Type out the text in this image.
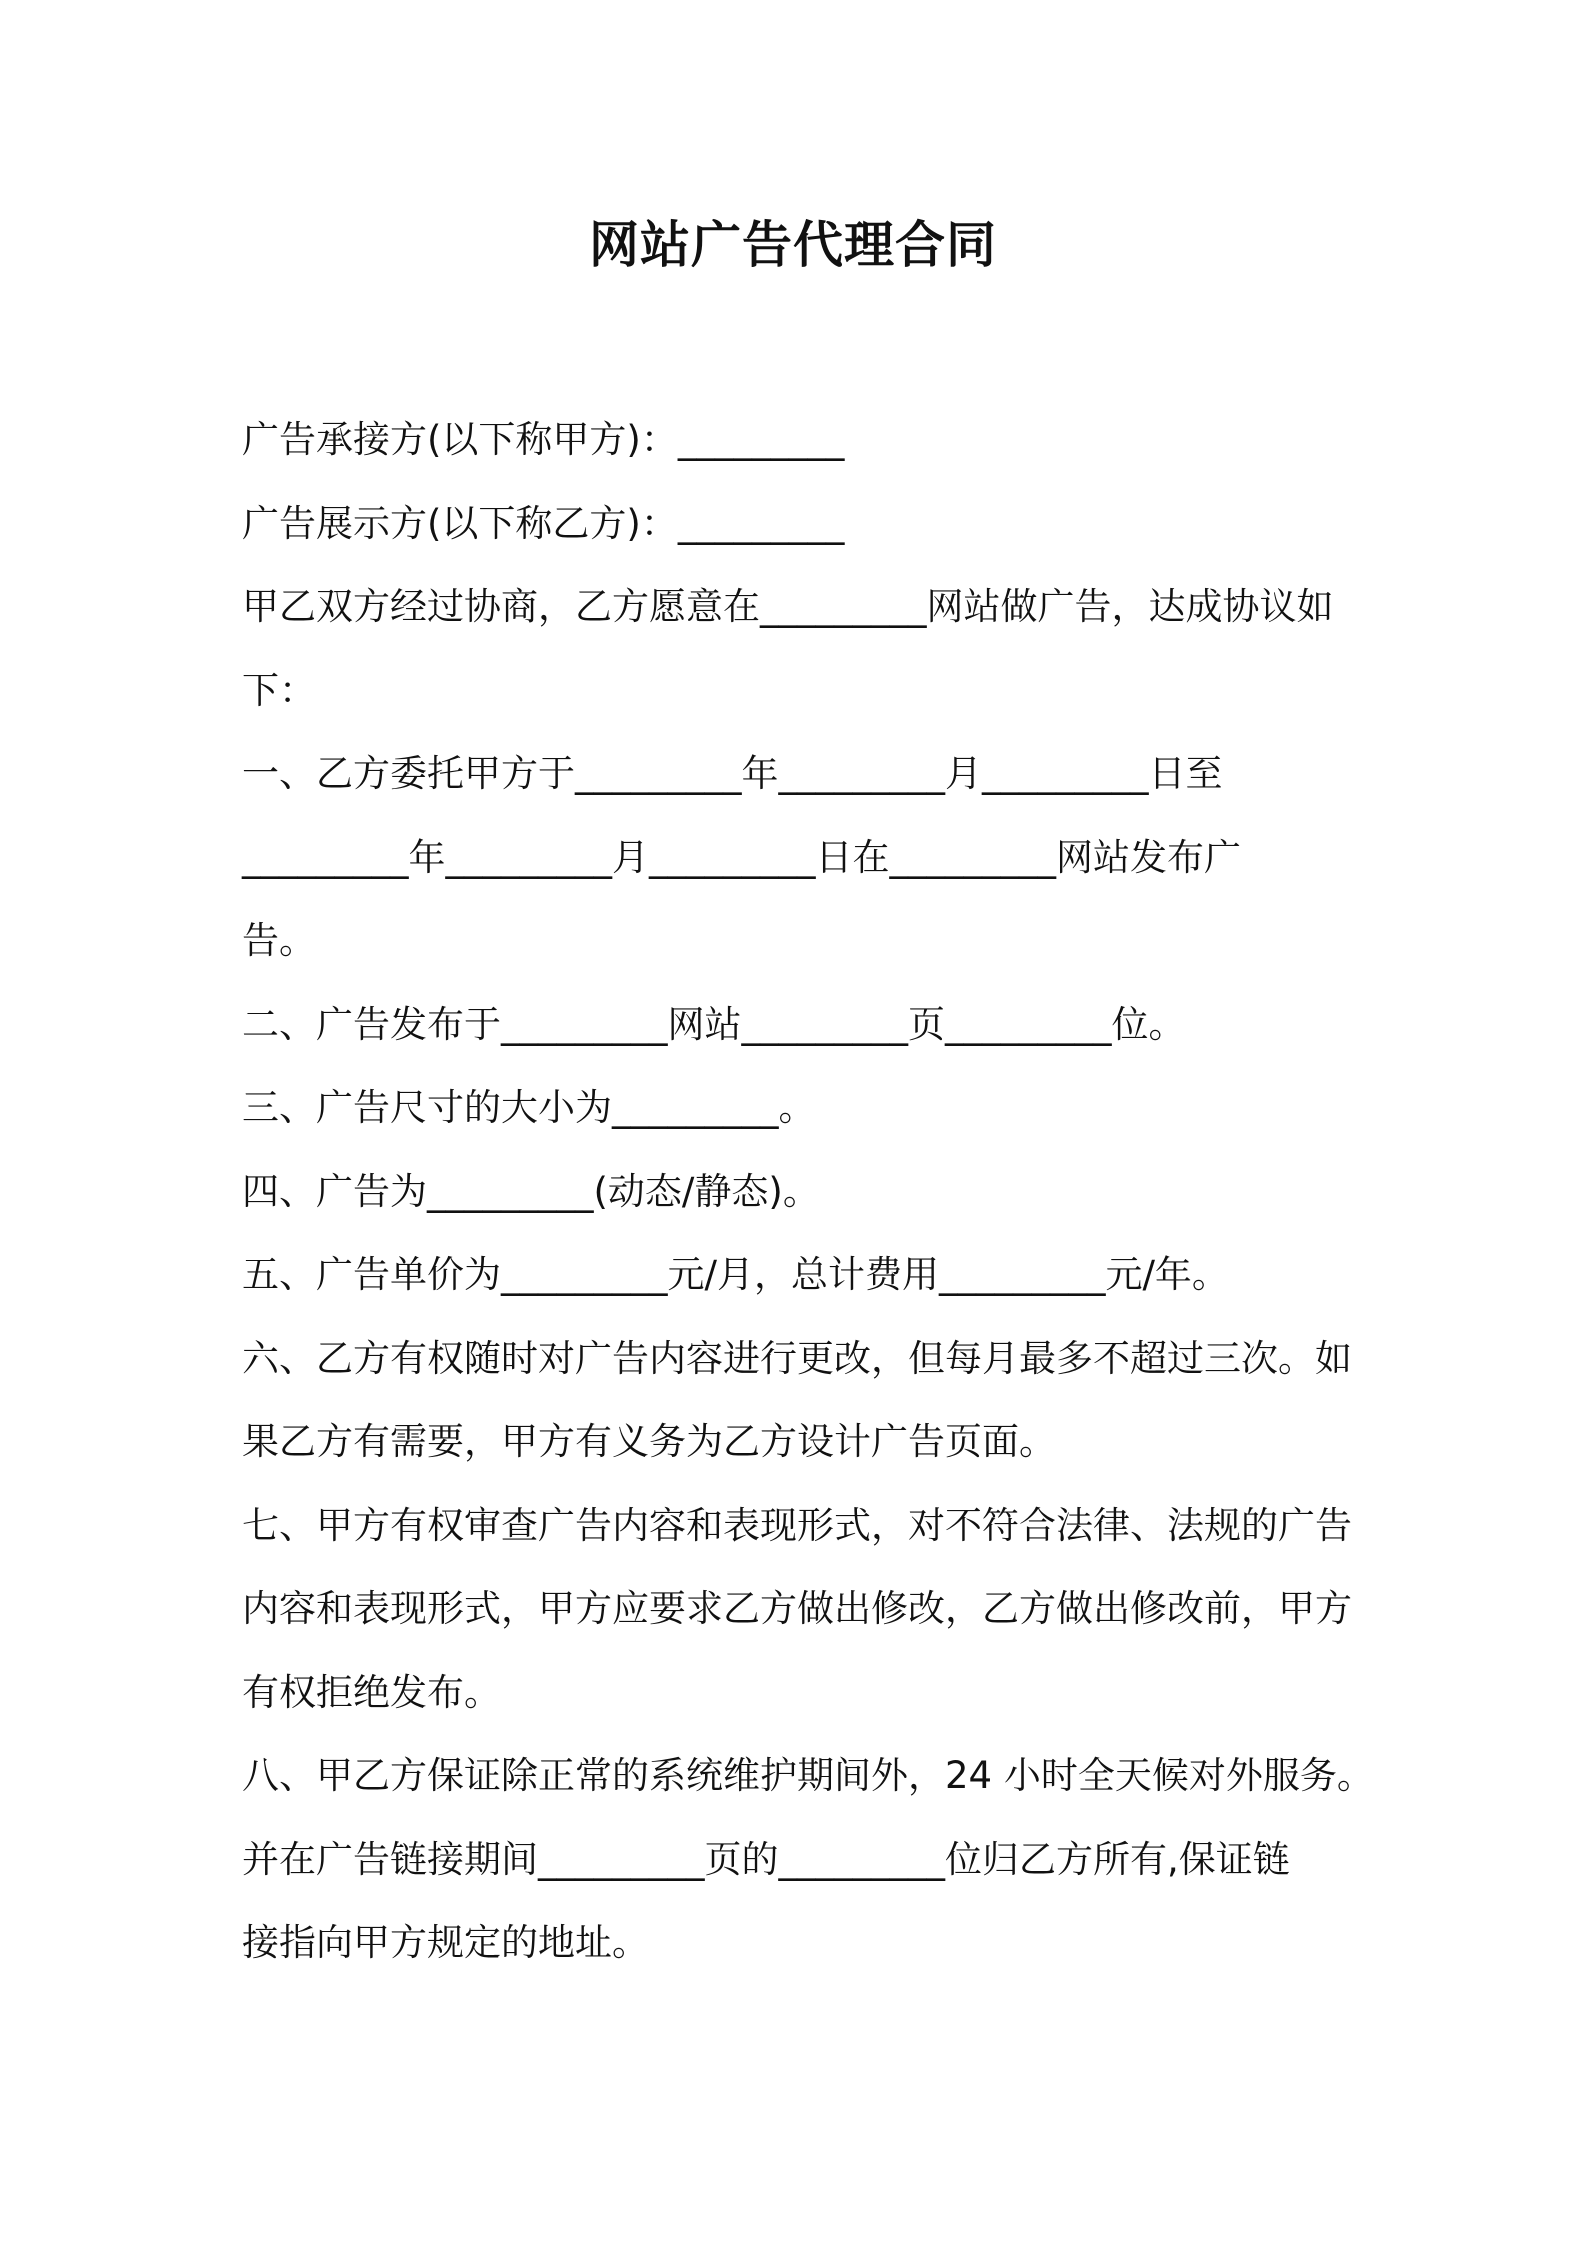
网站广告代理合同

广告承接方(以下称甲方)：_________

广告展示方(以下称乙方)：_________

甲乙双方经过协商，乙方愿意在_________网站做广告，达成协议如

下：

一、乙方委托甲方于_________年_________月_________日至

_________年_________月_________日在_________网站发布广

告。

二、广告发布于_________网站_________页_________位。

三、广告尺寸的大小为_________。

四、广告为_________(动态/静态)。

五、广告单价为_________元/月，总计费用_________元/年。

六、乙方有权随时对广告内容进行更改，但每月最多不超过三次。如

果乙方有需要，甲方有义务为乙方设计广告页面。

七、甲方有权审查广告内容和表现形式，对不符合法律、法规的广告

内容和表现形式，甲方应要求乙方做出修改，乙方做出修改前，甲方

有权拒绝发布。

八、甲乙方保证除正常的系统维护期间外，24 小时全天候对外服务。

并在广告链接期间_________页的_________位归乙方所有,保证链

接指向甲方规定的地址。
